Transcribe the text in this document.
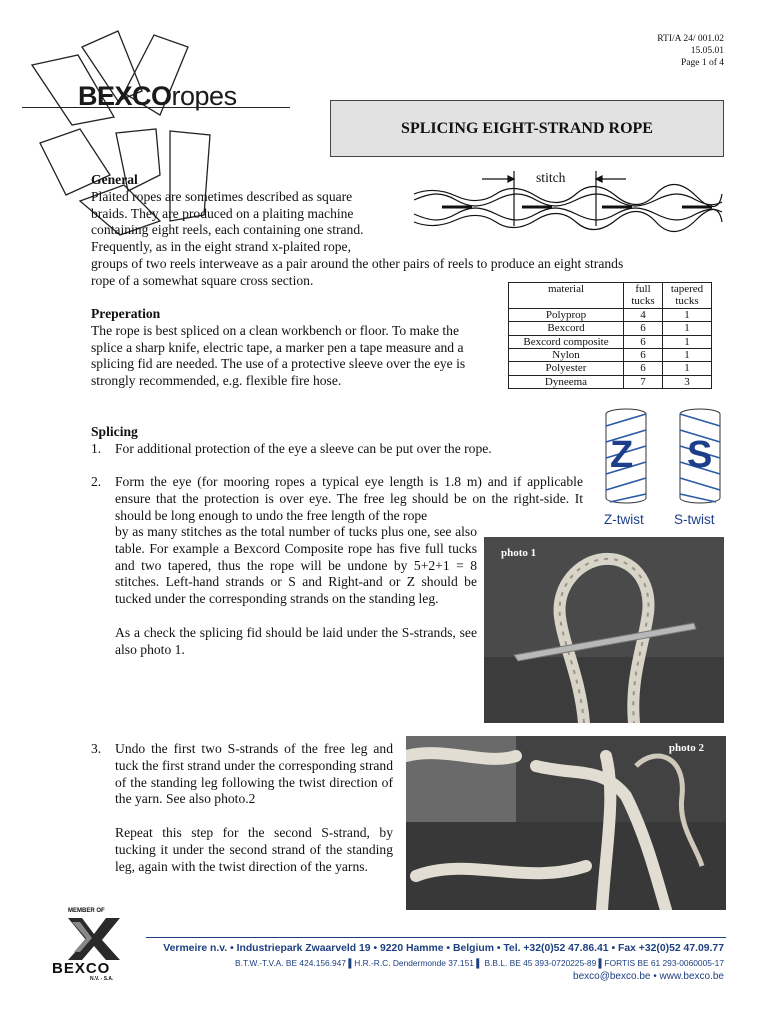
RTI/A 24/ 001.02
15.05.01
Page 1 of 4
BEXCOropes
SPLICING EIGHT-STRAND ROPE
stitch
General
Plaited ropes are sometimes described as square
braids. They are produced on a plaiting machine
containing eight reels, each containing one strand.
Frequently, as in the eight strand x-plaited rope,
groups of two reels interweave as a pair around the other pairs of reels to produce an eight strands
rope of a somewhat square cross section.
material	full tucks	tapered tucks
Polyprop	4	1
Bexcord	6	1
Bexcord composite	6	1
Nylon	6	1
Polyester	6	1
Dyneema	7	3
Preperation
The rope is best spliced on a clean workbench or floor. To make the splice a sharp knife, electric tape, a marker pen a tape measure and a splicing fid are needed. The use of a protective sleeve over the eye is strongly recommended, e.g. flexible fire hose.
Z S
Z-twist S-twist
Splicing
1. For additional protection of the eye a sleeve can be put over the rope.
2. Form the eye (for mooring ropes a typical eye length is 1.8 m) and if applicable ensure that the protection is over eye. The free leg should be on the right-side. It should be long enough to undo the free length of the rope
by as many stitches as the total number of tucks plus one, see also table. For example a Bexcord Composite rope has five full tucks and two tapered, thus the rope will be undone by 5+2+1 = 8 stitches. Left-hand strands or S and Right-and or Z should be tucked under the corresponding strands on the standing leg.
As a check the splicing fid should be laid under the S-strands, see also photo 1.
photo 1
3. Undo the first two S-strands of the free leg and tuck the first strand under the corresponding strand of the standing leg following the twist direction of the yarn. See also photo.2
Repeat this step for the second S-strand, by tucking it under the second strand of the standing leg, again with the twist direction of the yarns.
photo 2
MEMBER OF
BEXCO
N.V. - S.A.
Vermeire n.v. • Industriepark Zwaarveld 19 • 9220 Hamme • Belgium • Tel. +32(0)52 47.86.41 • Fax +32(0)52 47.09.77
B.T.W.-T.V.A. BE 424.156.947 ▌H.R.-R.C. Dendermonde 37.151 ▌ B.B.L. BE 45 393-0720225-89 ▌FORTIS BE 61 293-0060005-17
bexco@bexco.be • www.bexco.be
